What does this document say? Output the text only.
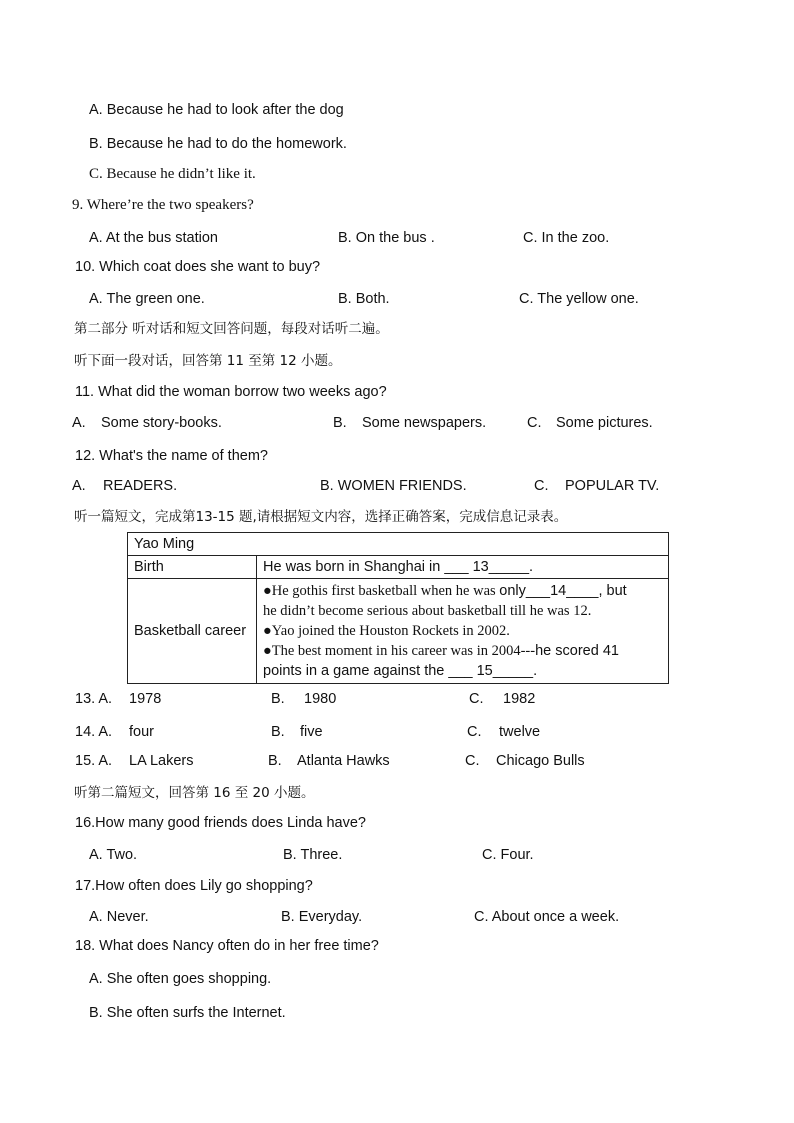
A. Because he had to look after the dog
B. Because he had to do the homework.
C. Because he didn’t like it.
9. Where’re the two speakers?
A. At the bus station	B. On the bus .	C. In the zoo.
10. Which coat does she want to buy?
A. The green one.	B. Both.	C. The yellow one.
第二部分 听对话和短文回答问题，每段对话听二遍。
听下面一段对话，回答第 11 至第 12 小题。
11. What did the woman borrow two weeks ago?
A. Some story-books.	B. Some newspapers.	C. Some pictures.
12. What's the name of them?
A. READERS.	B. WOMEN FRIENDS.	C. POPULAR TV.
听一篇短文，完成第13-15 题,请根据短文内容，选择正确答案，完成信息记录表。
Yao Ming	
Birth	He was born in Shanghai in ___ 13_____.
Basketball career	●He gothis first basketball when he was only___14____, but
he didn’t become serious about basketball till he was 12.
●Yao joined the Houston Rockets in 2002.
●The best moment in his career was in 2004---he scored 41
points in a game against the ___ 15_____.
13. A. 1978	B. 1980	C. 1982
14. A. four	B. five	C. twelve
15. A. LA Lakers	B. Atlanta Hawks	C. Chicago Bulls
听第二篇短文，回答第 16 至 20 小题。
16.How many good friends does Linda have?
A. Two.	B. Three.	C. Four.
17.How often does Lily go shopping?
A. Never.	B. Everyday.	C. About once a week.
18. What does Nancy often do in her free time?
A. She often goes shopping.
B. She often surfs the Internet.
